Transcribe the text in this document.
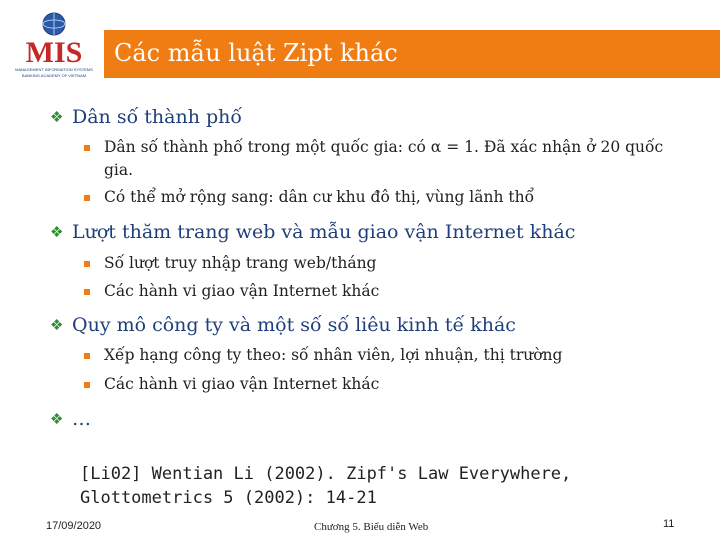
MIS
MANAGEMENT INFORMATION SYSTEMS
BANKING ACADEMY OF VIETNAM
Các mẫu luật Zipt khác
❖ Dân số thành phố
Dân số thành phố trong một quốc gia: có α = 1. Đã xác nhận ở 20 quốc gia.
Có thể mở rộng sang: dân cư khu đô thị, vùng lãnh thổ
❖ Lượt thăm trang web và mẫu giao vận Internet khác
Số lượt truy nhập trang web/tháng
Các hành vi giao vận Internet khác
❖ Quy mô công ty và một số số liêu kinh tế khác
Xếp hạng công ty theo: số nhân viên, lợi nhuận, thị trường
Các hành vi giao vận Internet khác
❖ …
[Li02] Wentian Li (2002). Zipf's Law Everywhere, Glottometrics 5 (2002): 14-21
17/09/2020	Chương 5. Biểu diễn Web	11
